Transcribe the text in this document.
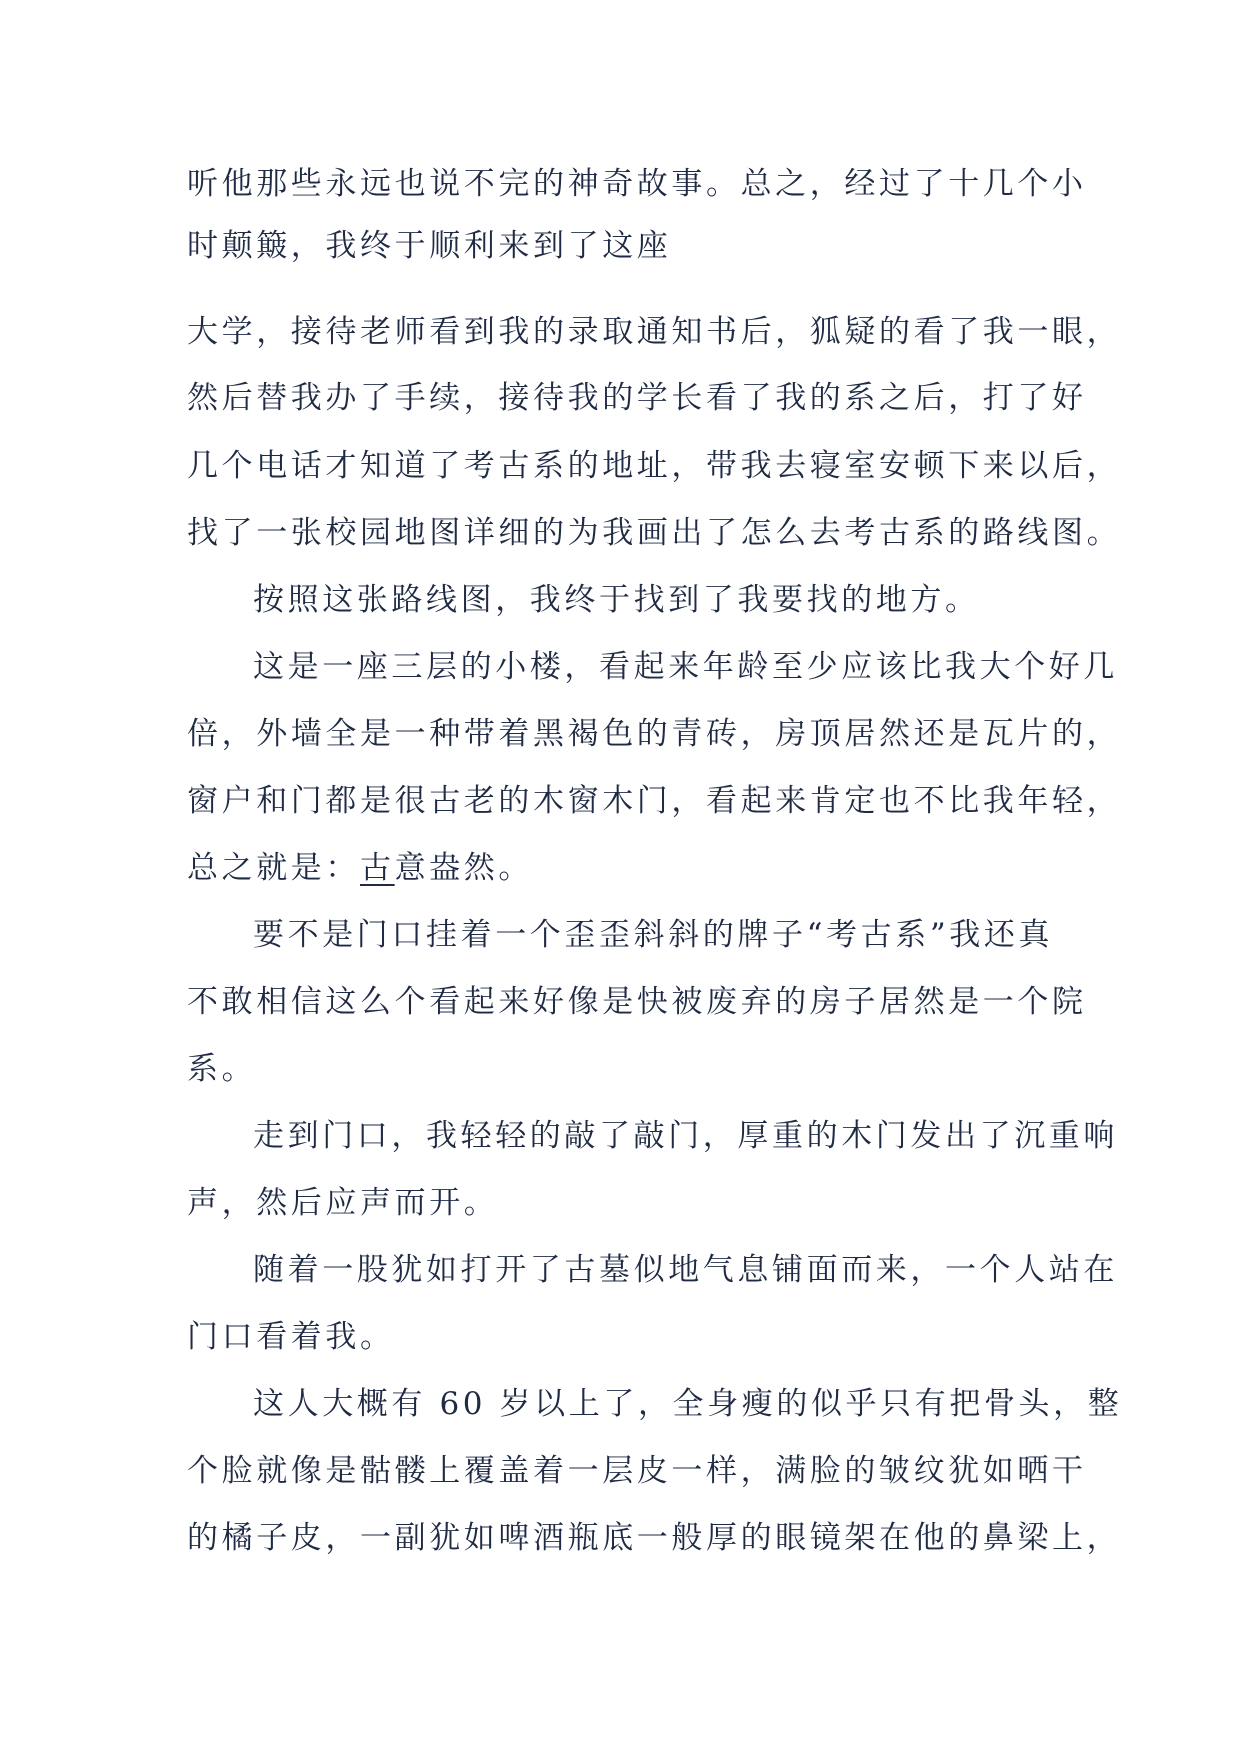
听他那些永远也说不完的神奇故事。总之，经过了十几个小
时颠簸，我终于顺利来到了这座
大学，接待老师看到我的录取通知书后，狐疑的看了我一眼，
然后替我办了手续，接待我的学长看了我的系之后，打了好
几个电话才知道了考古系的地址，带我去寝室安顿下来以后，
找了一张校园地图详细的为我画出了怎么去考古系的路线图。
按照这张路线图，我终于找到了我要找的地方。
这是一座三层的小楼，看起来年龄至少应该比我大个好几
倍，外墙全是一种带着黑褐色的青砖，房顶居然还是瓦片的，
窗户和门都是很古老的木窗木门，看起来肯定也不比我年轻，
总之就是：古意盎然。
要不是门口挂着一个歪歪斜斜的牌子“考古系”我还真
不敢相信这么个看起来好像是快被废弃的房子居然是一个院
系。
走到门口，我轻轻的敲了敲门，厚重的木门发出了沉重响
声，然后应声而开。
随着一股犹如打开了古墓似地气息铺面而来，一个人站在
门口看着我。
这人大概有 60 岁以上了，全身瘦的似乎只有把骨头，整
个脸就像是骷髅上覆盖着一层皮一样，满脸的皱纹犹如晒干
的橘子皮，一副犹如啤酒瓶底一般厚的眼镜架在他的鼻梁上，
